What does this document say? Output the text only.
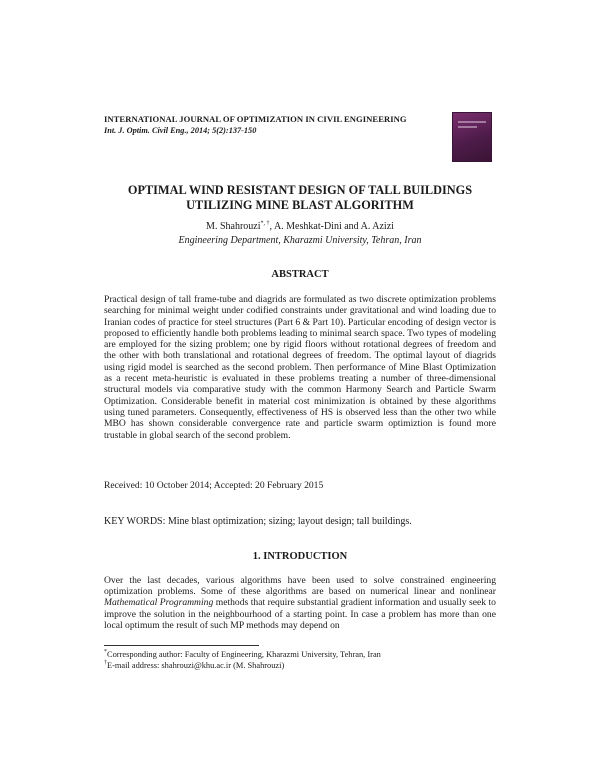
INTERNATIONAL JOURNAL OF OPTIMIZATION IN CIVIL ENGINEERING
Int. J. Optim. Civil Eng., 2014; 5(2):137-150
OPTIMAL WIND RESISTANT DESIGN OF TALL BUILDINGS
UTILIZING MINE BLAST ALGORITHM
M. Shahrouzi*, †, A. Meshkat-Dini and A. Azizi
Engineering Department, Kharazmi University, Tehran, Iran
ABSTRACT
Practical design of tall frame-tube and diagrids are formulated as two discrete optimization problems searching for minimal weight under codified constraints under gravitational and wind loading due to Iranian codes of practice for steel structures (Part 6 & Part 10). Particular encoding of design vector is proposed to efficiently handle both problems leading to minimal search space. Two types of modeling are employed for the sizing problem; one by rigid floors without rotational degrees of freedom and the other with both translational and rotational degrees of freedom. The optimal layout of diagrids using rigid model is searched as the second problem. Then performance of Mine Blast Optimization as a recent meta-heuristic is evaluated in these problems treating a number of three-dimensional structural models via comparative study with the common Harmony Search and Particle Swarm Optimization. Considerable benefit in material cost minimization is obtained by these algorithms using tuned parameters. Consequently, effectiveness of HS is observed less than the other two while MBO has shown considerable convergence rate and particle swarm optimiztion is found more trustable in global search of the second problem.
Received: 10 October 2014; Accepted: 20 February 2015
KEY WORDS: Mine blast optimization; sizing; layout design; tall buildings.
1. INTRODUCTION
Over the last decades, various algorithms have been used to solve constrained engineering optimization problems. Some of these algorithms are based on numerical linear and nonlinear Mathematical Programming methods that require substantial gradient information and usually seek to improve the solution in the neighbourhood of a starting point. In case a problem has more than one local optimum the result of such MP methods may depend on
*Corresponding author: Faculty of Engineering, Kharazmi University, Tehran, Iran
†E-mail address: shahrouzi@khu.ac.ir (M. Shahrouzi)
